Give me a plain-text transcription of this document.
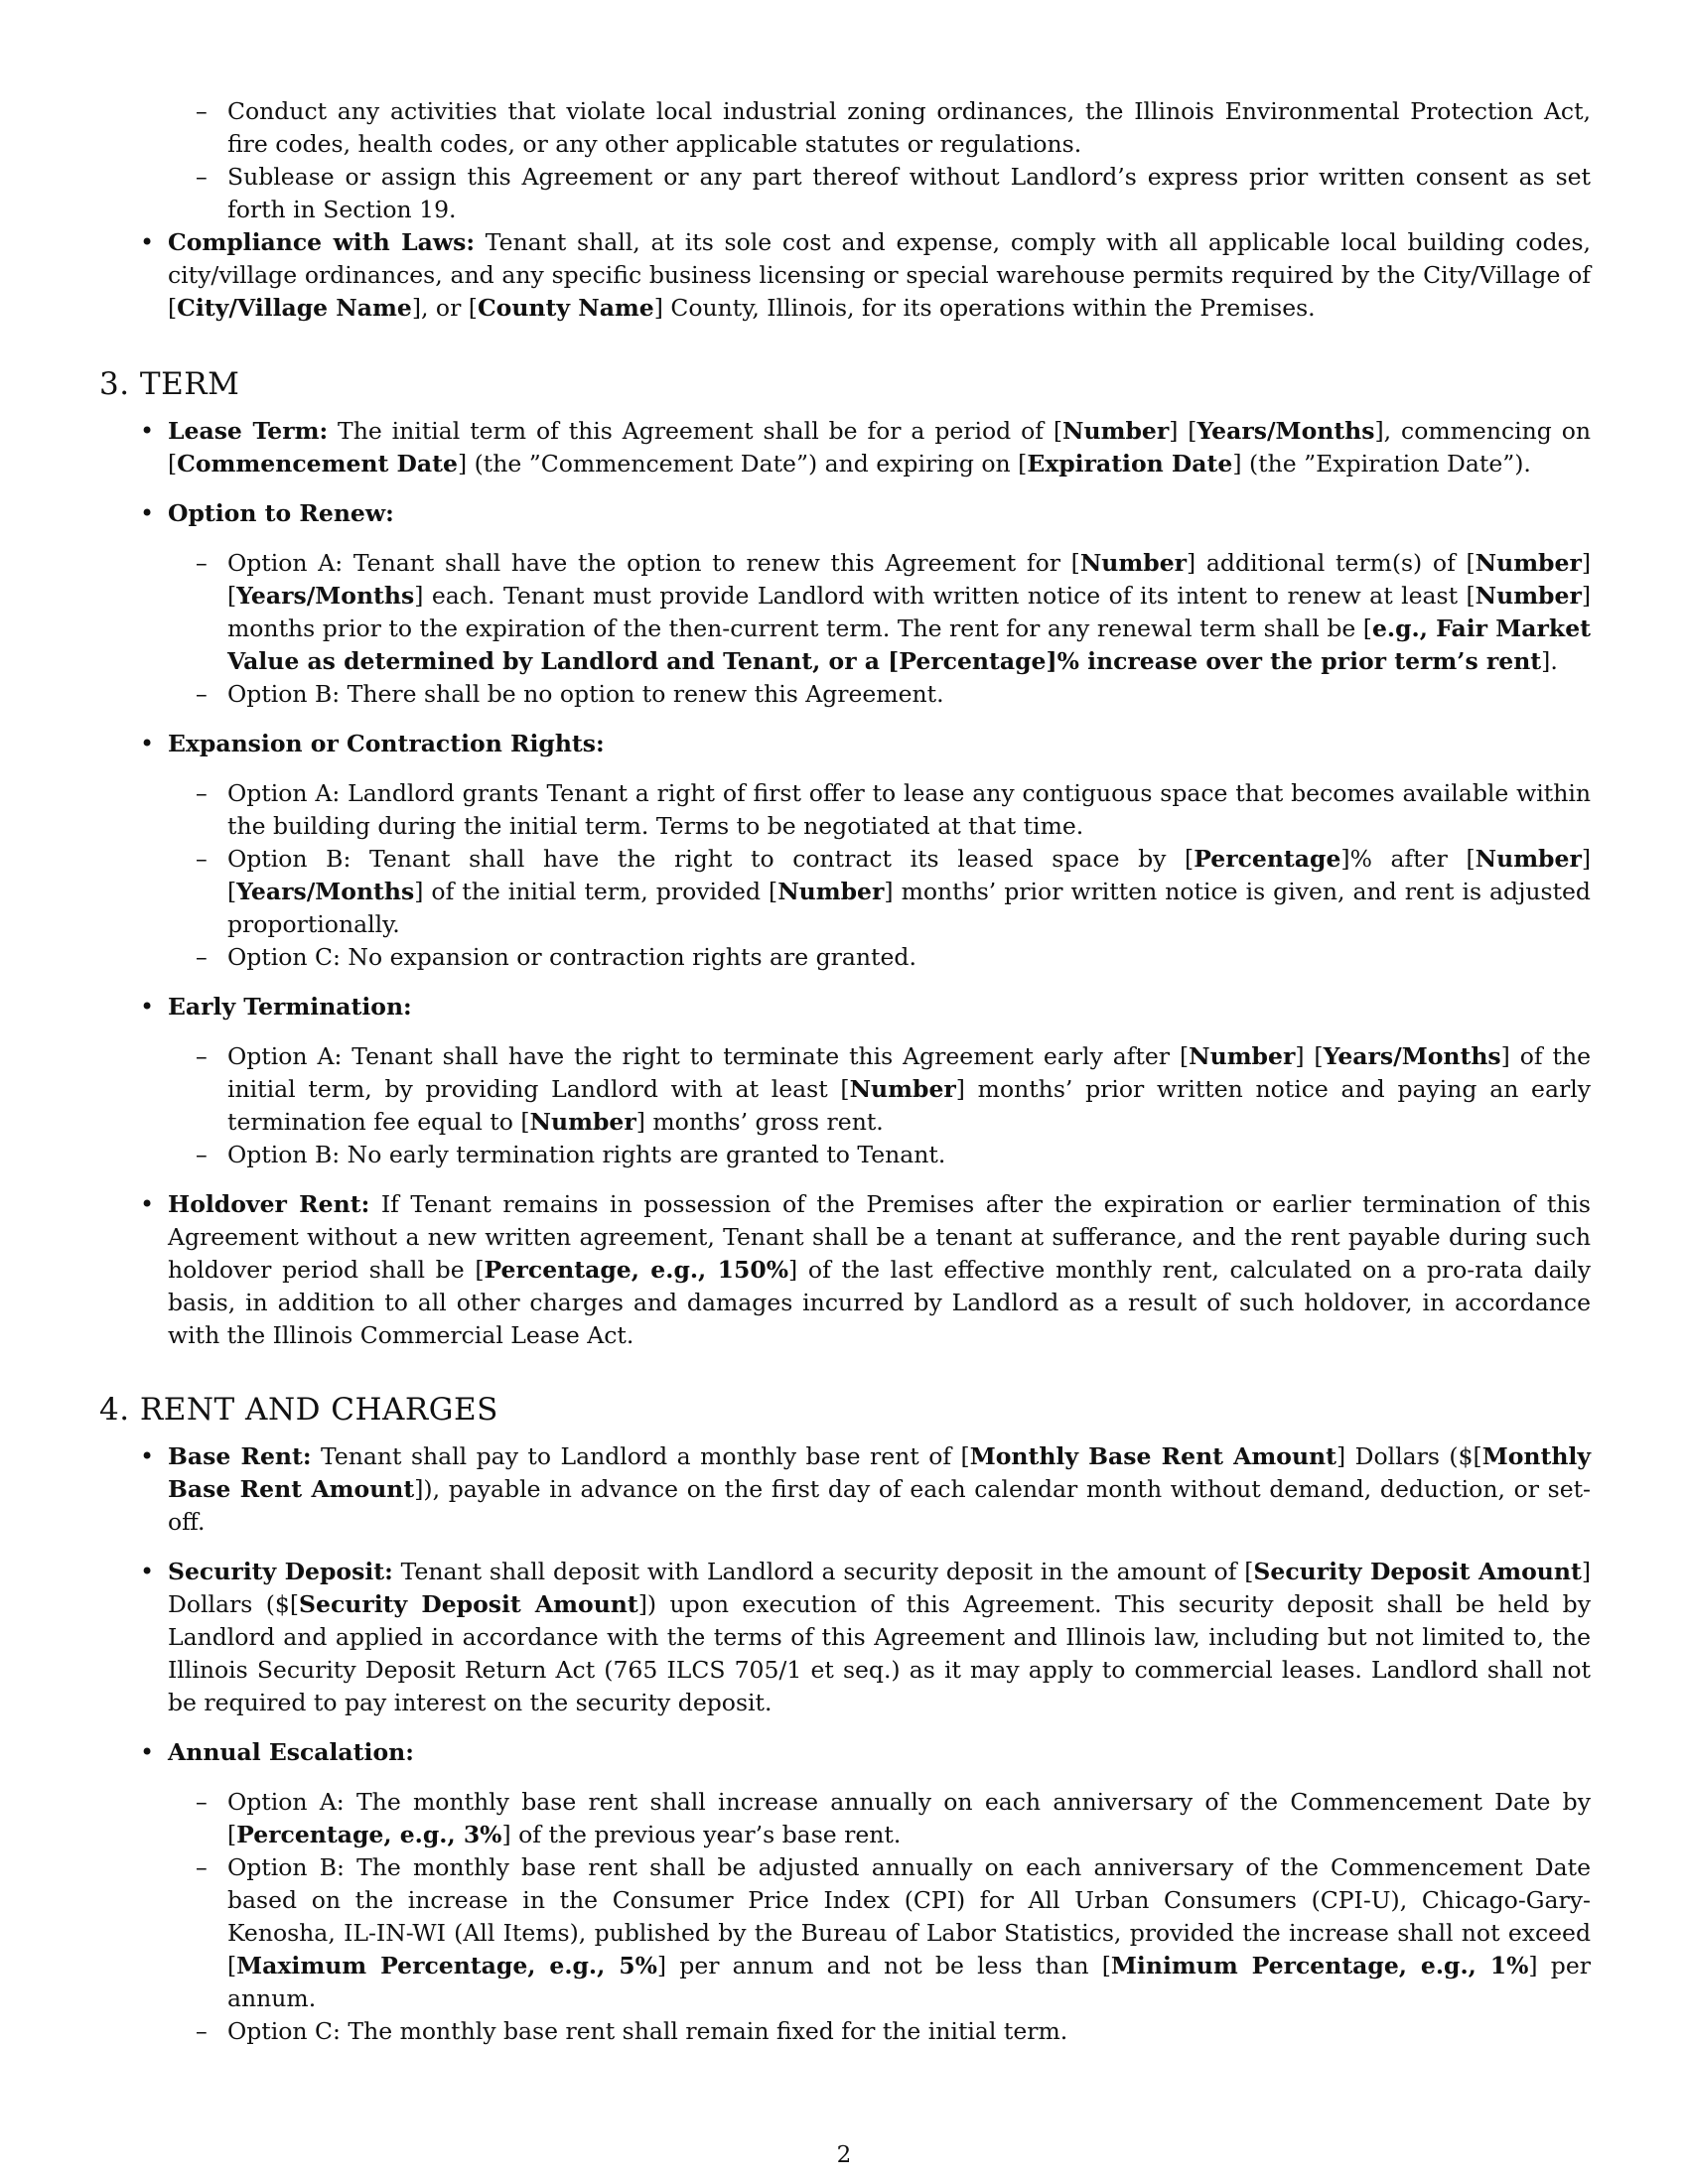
– Conduct any activities that violate local industrial zoning ordinances, the Illinois Environmental Protection Act, fire codes, health codes, or any other applicable statutes or regulations.
– Sublease or assign this Agreement or any part thereof without Landlord’s express prior written consent as set forth in Section 19.
• Compliance with Laws: Tenant shall, at its sole cost and expense, comply with all applicable local building codes, city/village ordinances, and any specific business licensing or special warehouse permits required by the City/Village of [City/Village Name], or [County Name] County, Illinois, for its operations within the Premises.
3. TERM
• Lease Term: The initial term of this Agreement shall be for a period of [Number] [Years/Months], commencing on [Commencement Date] (the ”Commencement Date”) and expiring on [Expiration Date] (the ”Expiration Date”).
• Option to Renew:
– Option A: Tenant shall have the option to renew this Agreement for [Number] additional term(s) of [Number] [Years/Months] each. Tenant must provide Landlord with written notice of its intent to renew at least [Number] months prior to the expiration of the then-current term. The rent for any renewal term shall be [e.g., Fair Market Value as determined by Landlord and Tenant, or a [Percentage]% increase over the prior term’s rent].
– Option B: There shall be no option to renew this Agreement.
• Expansion or Contraction Rights:
– Option A: Landlord grants Tenant a right of first offer to lease any contiguous space that becomes available within the building during the initial term. Terms to be negotiated at that time.
– Option B: Tenant shall have the right to contract its leased space by [Percentage]% after [Number] [Years/Months] of the initial term, provided [Number] months’ prior written notice is given, and rent is adjusted proportionally.
– Option C: No expansion or contraction rights are granted.
• Early Termination:
– Option A: Tenant shall have the right to terminate this Agreement early after [Number] [Years/Months] of the initial term, by providing Landlord with at least [Number] months’ prior written notice and paying an early termination fee equal to [Number] months’ gross rent.
– Option B: No early termination rights are granted to Tenant.
• Holdover Rent: If Tenant remains in possession of the Premises after the expiration or earlier termination of this Agreement without a new written agreement, Tenant shall be a tenant at sufferance, and the rent payable during such holdover period shall be [Percentage, e.g., 150%] of the last effective monthly rent, calculated on a pro-rata daily basis, in addition to all other charges and damages incurred by Landlord as a result of such holdover, in accordance with the Illinois Commercial Lease Act.
4. RENT AND CHARGES
• Base Rent: Tenant shall pay to Landlord a monthly base rent of [Monthly Base Rent Amount] Dollars ($[Monthly Base Rent Amount]), payable in advance on the first day of each calendar month without demand, deduction, or set-off.
• Security Deposit: Tenant shall deposit with Landlord a security deposit in the amount of [Security Deposit Amount] Dollars ($[Security Deposit Amount]) upon execution of this Agreement. This security deposit shall be held by Landlord and applied in accordance with the terms of this Agreement and Illinois law, including but not limited to, the Illinois Security Deposit Return Act (765 ILCS 705/1 et seq.) as it may apply to commercial leases. Landlord shall not be required to pay interest on the security deposit.
• Annual Escalation:
– Option A: The monthly base rent shall increase annually on each anniversary of the Commencement Date by [Percentage, e.g., 3%] of the previous year’s base rent.
– Option B: The monthly base rent shall be adjusted annually on each anniversary of the Commencement Date based on the increase in the Consumer Price Index (CPI) for All Urban Consumers (CPI-U), Chicago-Gary-Kenosha, IL-IN-WI (All Items), published by the Bureau of Labor Statistics, provided the increase shall not exceed [Maximum Percentage, e.g., 5%] per annum and not be less than [Minimum Percentage, e.g., 1%] per annum.
– Option C: The monthly base rent shall remain fixed for the initial term.
2
